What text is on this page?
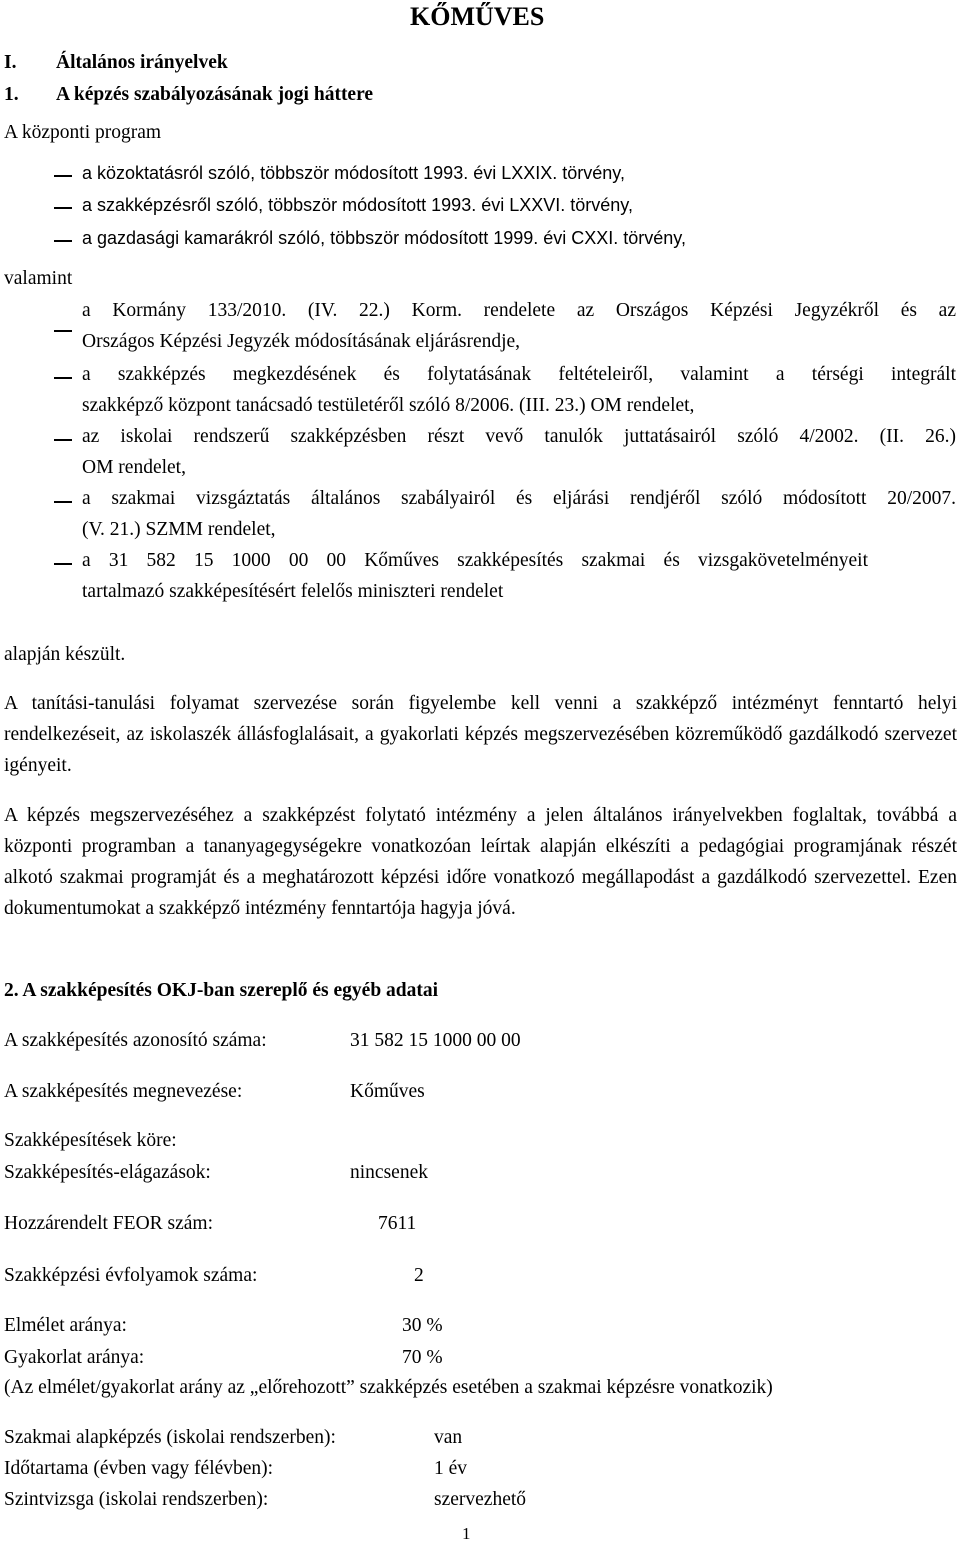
KŐMŰVES
I. Általános irányelvek
1. A képzés szabályozásának jogi háttere
A központi program
a közoktatásról szóló, többször módosított 1993. évi LXXIX. törvény,
a szakképzésről szóló, többször módosított 1993. évi LXXVI. törvény,
a gazdasági kamarákról szóló, többször módosított 1999. évi CXXI. törvény,
valamint
a Kormány 133/2010. (IV. 22.) Korm. rendelete az Országos Képzési Jegyzékről és az
Országos Képzési Jegyzék módosításának eljárásrendje,
a szakképzés megkezdésének és folytatásának feltételeiről, valamint a térségi integrált
szakképző központ tanácsadó testületéről szóló 8/2006. (III. 23.) OM rendelet,
az iskolai rendszerű szakképzésben részt vevő tanulók juttatásairól szóló 4/2002. (II. 26.)
OM rendelet,
a szakmai vizsgáztatás általános szabályairól és eljárási rendjéről szóló módosított 20/2007.
(V. 21.) SZMM rendelet,
a 31 582 15 1000 00 00 Kőműves szakképesítés szakmai és vizsgakövetelményeit
tartalmazó szakképesítésért felelős miniszteri rendelet
alapján készült.
A tanítási-tanulási folyamat szervezése során figyelembe kell venni a szakképző intézményt fenntartó helyi rendelkezéseit, az iskolaszék állásfoglalásait, a gyakorlati képzés megszervezésében közreműködő gazdálkodó szervezet igényeit.
A képzés megszervezéséhez a szakképzést folytató intézmény a jelen általános irányelvekben foglaltak, továbbá a központi programban a tananyagegységekre vonatkozóan leírtak alapján elkészíti a pedagógiai programjának részét alkotó szakmai programját és a meghatározott képzési időre vonatkozó megállapodást a gazdálkodó szervezettel. Ezen dokumentumokat a szakképző intézmény fenntartója hagyja jóvá.
2. A szakképesítés OKJ-ban szereplő és egyéb adatai
A szakképesítés azonosító száma:	31 582 15 1000 00 00
A szakképesítés megnevezése:	Kőműves
Szakképesítések köre:
Szakképesítés-elágazások:	nincsenek
Hozzárendelt FEOR szám:	7611
Szakképzési évfolyamok száma:	2
Elmélet aránya:	30 %
Gyakorlat aránya:	70 %
(Az elmélet/gyakorlat arány az „előrehozott” szakképzés esetében a szakmai képzésre vonatkozik)
Szakmai alapképzés (iskolai rendszerben):	van
Időtartama (évben vagy félévben):	1 év
Szintvizsga (iskolai rendszerben):	szervezhető
1
